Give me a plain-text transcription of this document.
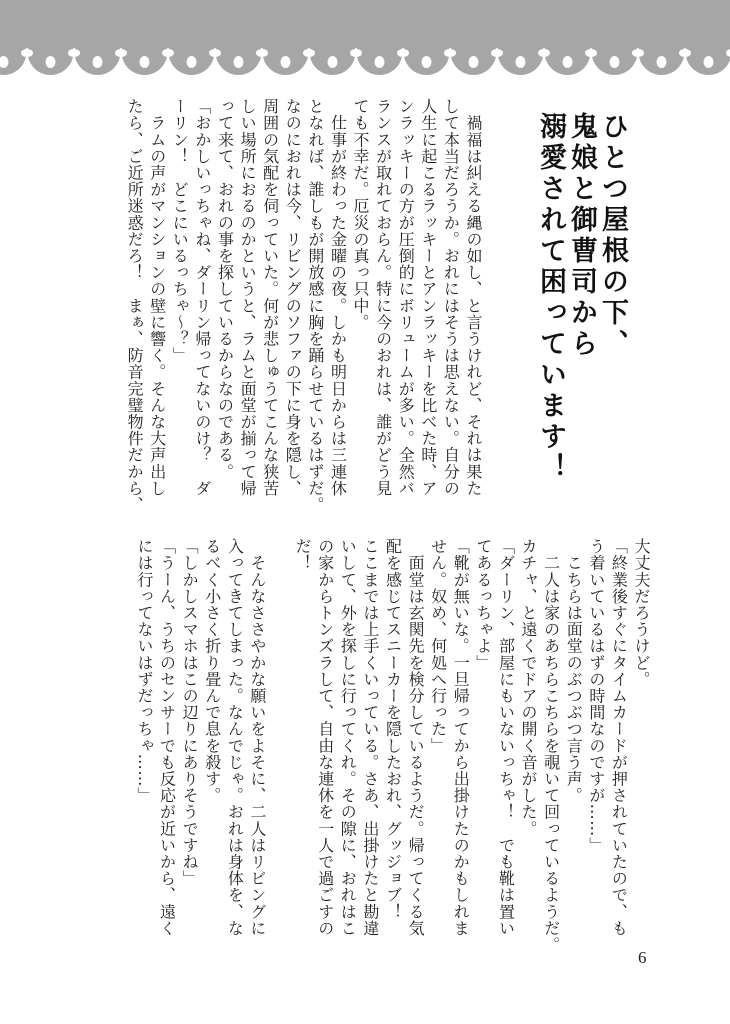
ひとつ屋根の下、
鬼娘と御曹司から
溺愛されて困っています！
　禍福は糾える縄の如し、と言うけれど、それは果た
して本当だろうか。おれにはそうは思えない。自分の
人生に起こるラッキーとアンラッキーを比べた時、ア
ンラッキーの方が圧倒的にボリュームが多い。全然バ
ランスが取れておらん。特に今のおれは、誰がどう見
ても不幸だ。厄災の真っ只中。
　仕事が終わった金曜の夜。しかも明日からは三連休
となれば、誰しもが開放感に胸を踊らせているはずだ。
なのにおれは今、リビングのソファの下に身を隠し、
周囲の気配を伺っていた。何が悲しゅうてこんな狭苦
しい場所におるのかというと、ラムと面堂が揃って帰
って来て、おれの事を探しているからなのである。
「おかしいっちゃね、ダーリン帰ってないのけ？　ダ
ーリン！　どこにいるっちゃ～？」
　ラムの声がマンションの壁に響く。そんな大声出し
たら、ご近所迷惑だろ！　まぁ、防音完璧物件だから、
大丈夫だろうけど。
「終業後すぐにタイムカードが押されていたので、も
う着いているはずの時間なのですが……」
　こちらは面堂のぶつぶつ言う声。
　二人は家のあちらこちらを覗いて回っているようだ。
カチャ、と遠くでドアの開く音がした。
「ダーリン、部屋にもいないっちゃ！　でも靴は置い
てあるっちゃよ」
「靴が無いな。一旦帰ってから出掛けたのかもしれま
せん。奴め、何処へ行った」
　面堂は玄関先を検分しているようだ。帰ってくる気
配を感じてスニーカーを隠したおれ、グッジョブ！
ここまでは上手くいっている。さあ、出掛けたと勘違
いして、外を探しに行ってくれ。その隙に、おれはこ
の家からトンズラして、自由な連休を一人で過ごすの
だ！

　そんなささやかな願いをよそに、二人はリビングに
入ってきてしまった。なんでじゃ。おれは身体を、な
るべく小さく折り畳んで息を殺す。
「しかしスマホはこの辺りにありそうですね」
「うーん、うちのセンサーでも反応が近いから、遠く
には行ってないはずだっちゃ……」
6
